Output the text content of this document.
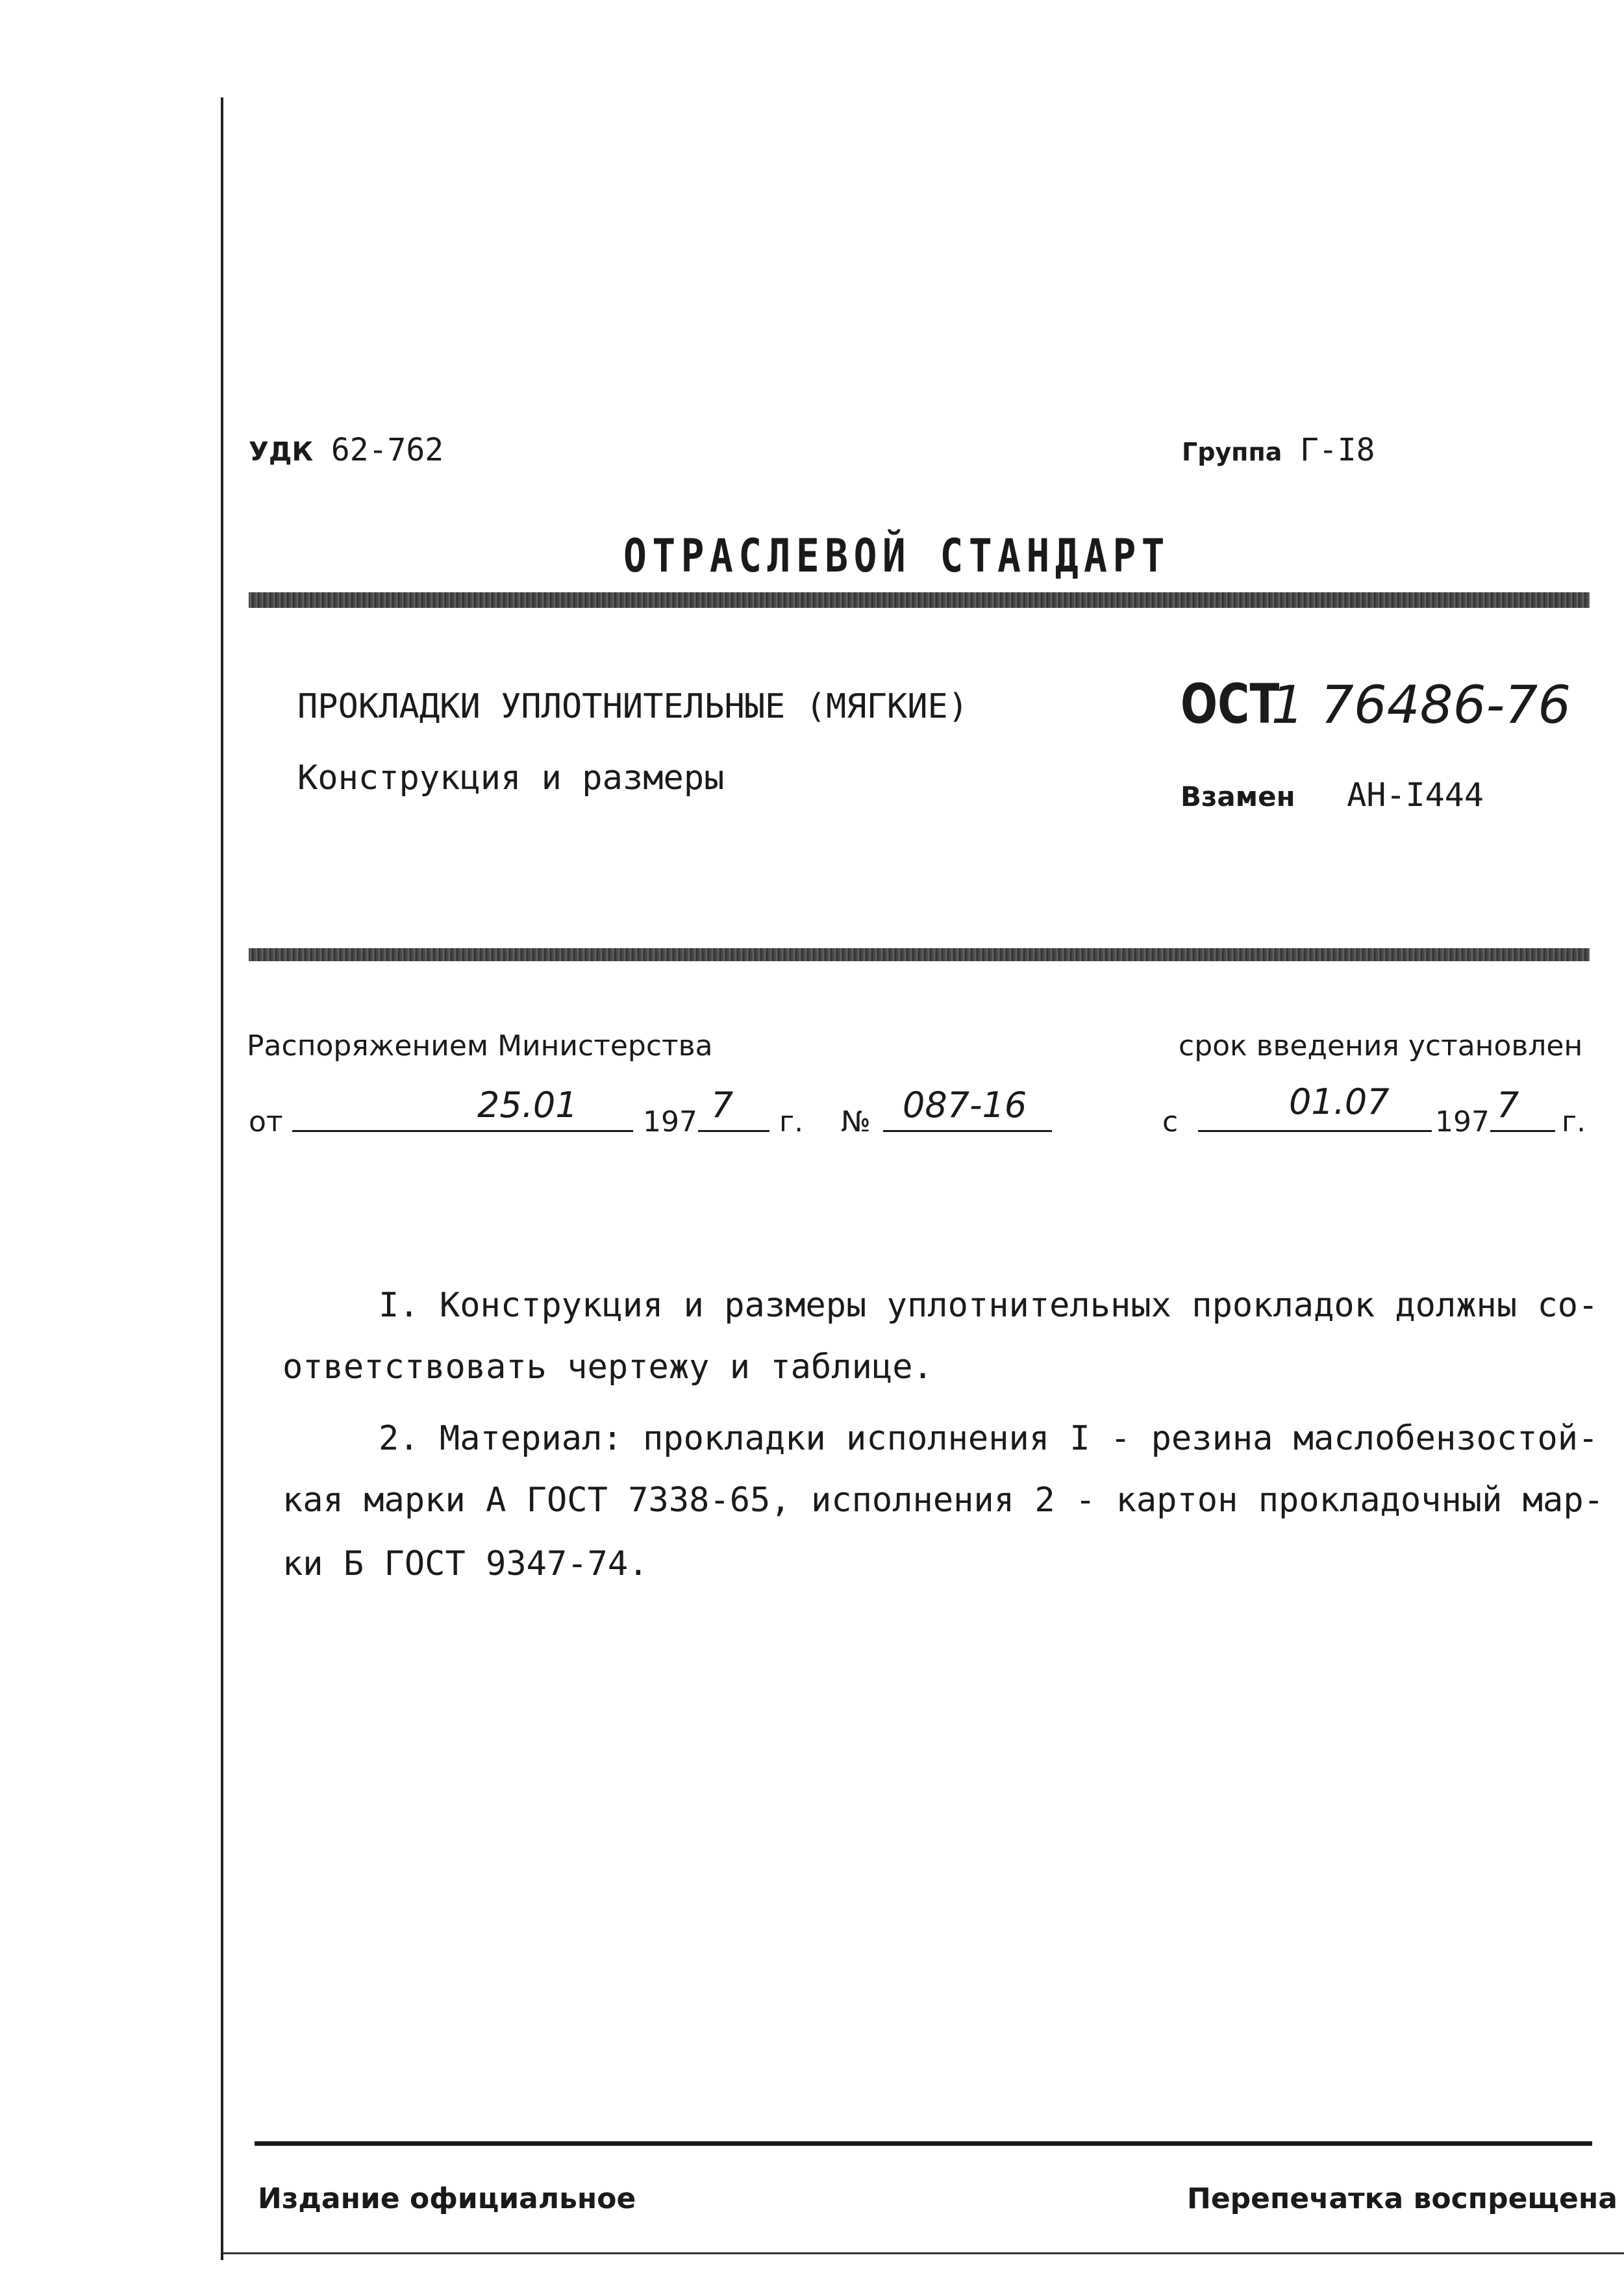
УДК 62-762	Группа Г-I8
ОТРАСЛЕВОЙ СТАНДАРТ
ПРОКЛАДКИ УПЛОТНИТЕЛЬНЫЕ (МЯГКИЕ)
Конструкция и размеры
ОСТ 1 76486-76
Взамен АН-I444
Распоряжением Министерства	срок введения установлен
от	25.01 197 7 г. № 087-16	с	01.07 197 7 г.
I. Конструкция и размеры уплотнительных прокладок должны со-
ответствовать чертежу и таблице.
2. Материал: прокладки исполнения I - резина маслобензостой-
кая марки А ГОСТ 7338-65, исполнения 2 - картон прокладочный мар-
ки Б ГОСТ 9347-74.
Издание официальное	Перепечатка воспрещена
